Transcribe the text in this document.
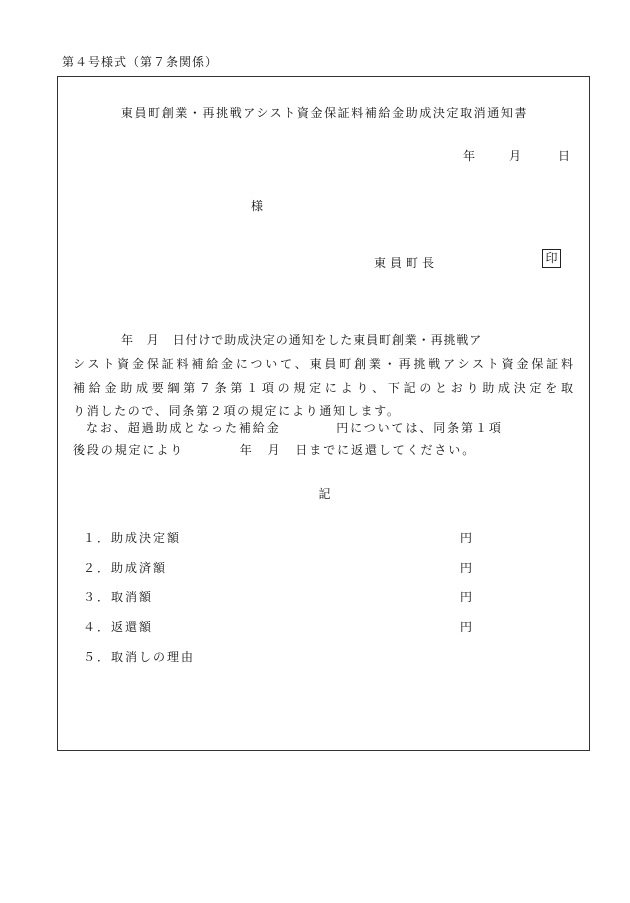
第４号様式（第７条関係）
東員町創業・再挑戦アシスト資金保証料補給金助成決定取消通知書
年	月	日
様
東員町長	印
年　月　日付けで助成決定の通知をした東員町創業・再挑戦ア
シスト資金保証料補給金について、東員町創業・再挑戦アシスト資金保証料
補給金助成要綱第７条第１項の規定により、下記のとおり助成決定を取
り消したので、同条第２項の規定により通知します。
なお、超過助成となった補給金　　　　円については、同条第１項
後段の規定により　　　　年　月　日までに返還してください。
記
１．助成決定額	円
２．助成済額	円
３．取消額	円
４．返還額	円
５．取消しの理由
